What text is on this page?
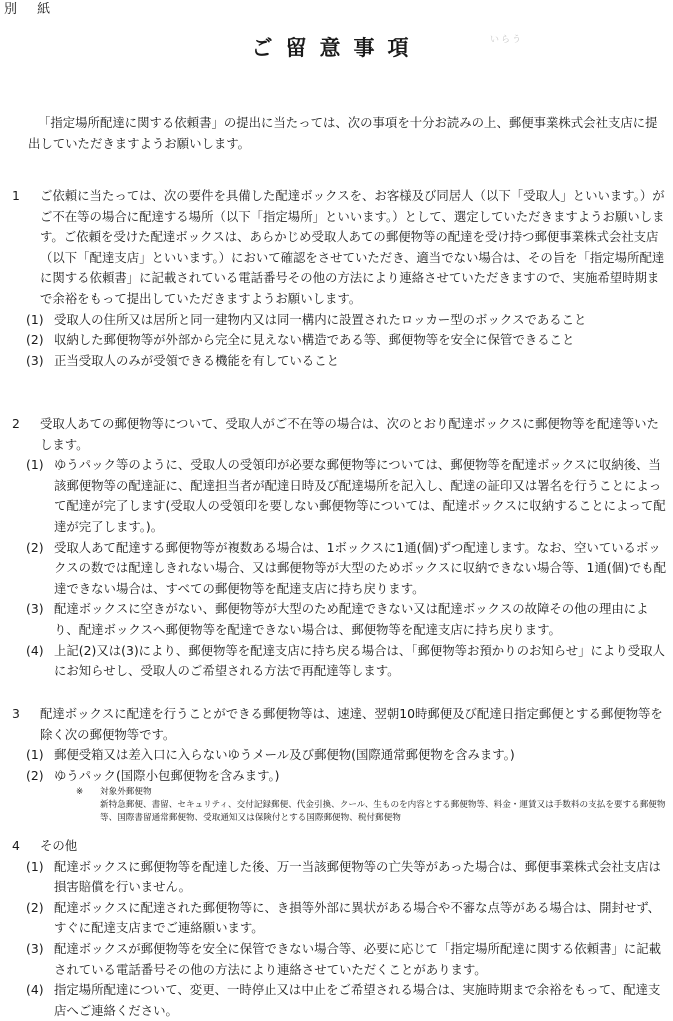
別 紙
いらう
ご留意事項
「指定場所配達に関する依頼書」の提出に当たっては、次の事項を十分お読みの上、郵便事業株式会社支店に提出していただきますようお願いします。
1	ご依頼に当たっては、次の要件を具備した配達ボックスを、お客様及び同居人（以下「受取人」といいます。）がご不在等の場合に配達する場所（以下「指定場所」といいます。）として、選定していただきますようお願いします。ご依頼を受けた配達ボックスは、あらかじめ受取人あての郵便物等の配達を受け持つ郵便事業株式会社支店（以下「配達支店」といいます。）において確認をさせていただき、適当でない場合は、その旨を「指定場所配達に関する依頼書」に記載されている電話番号その他の方法により連絡させていただきますので、実施希望時期まで余裕をもって提出していただきますようお願いします。
(1) 受取人の住所又は居所と同一建物内又は同一構内に設置されたロッカー型のボックスであること
(2) 収納した郵便物等が外部から完全に見えない構造である等、郵便物等を安全に保管できること
(3) 正当受取人のみが受領できる機能を有していること
2	受取人あての郵便物等について、受取人がご不在等の場合は、次のとおり配達ボックスに郵便物等を配達等いたします。
(1) ゆうパック等のように、受取人の受領印が必要な郵便物等については、郵便物等を配達ボックスに収納後、当該郵便物等の配達証に、配達担当者が配達日時及び配達場所を記入し、配達の証印又は署名を行うことによって配達が完了します(受取人の受領印を要しない郵便物等については、配達ボックスに収納することによって配達が完了します。)。
(2) 受取人あて配達する郵便物等が複数ある場合は、1ボックスに1通(個)ずつ配達します。なお、空いているボックスの数では配達しきれない場合、又は郵便物等が大型のためボックスに収納できない場合等、1通(個)でも配達できない場合は、すべての郵便物等を配達支店に持ち戻ります。
(3) 配達ボックスに空きがない、郵便物等が大型のため配達できない又は配達ボックスの故障その他の理由により、配達ボックスへ郵便物等を配達できない場合は、郵便物等を配達支店に持ち戻ります。
(4) 上記(2)又は(3)により、郵便物等を配達支店に持ち戻る場合は、「郵便物等お預かりのお知らせ」により受取人にお知らせし、受取人のご希望される方法で再配達等します。
3	配達ボックスに配達を行うことができる郵便物等は、速達、翌朝10時郵便及び配達日指定郵便とする郵便物等を除く次の郵便物等です。
(1) 郵便受箱又は差入口に入らないゆうメール及び郵便物(国際通常郵便物を含みます。)
(2) ゆうパック(国際小包郵便物を含みます。)
※	対象外郵便物
新特急郵便、書留、セキュリティ、交付記録郵便、代金引換、クール、生ものを内容とする郵便物等、料金・運賃又は手数料の支払を要する郵便物等、国際書留通常郵便物、受取通知又は保険付とする国際郵便物、税付郵便物
4	その他
(1) 配達ボックスに郵便物等を配達した後、万一当該郵便物等の亡失等があった場合は、郵便事業株式会社支店は損害賠償を行いません。
(2) 配達ボックスに配達された郵便物等に、き損等外部に異状がある場合や不審な点等がある場合は、開封せず、すぐに配達支店までご連絡願います。
(3) 配達ボックスが郵便物等を安全に保管できない場合等、必要に応じて「指定場所配達に関する依頼書」に記載されている電話番号その他の方法により連絡させていただくことがあります。
(4) 指定場所配達について、変更、一時停止又は中止をご希望される場合は、実施時期まで余裕をもって、配達支店へご連絡ください。
